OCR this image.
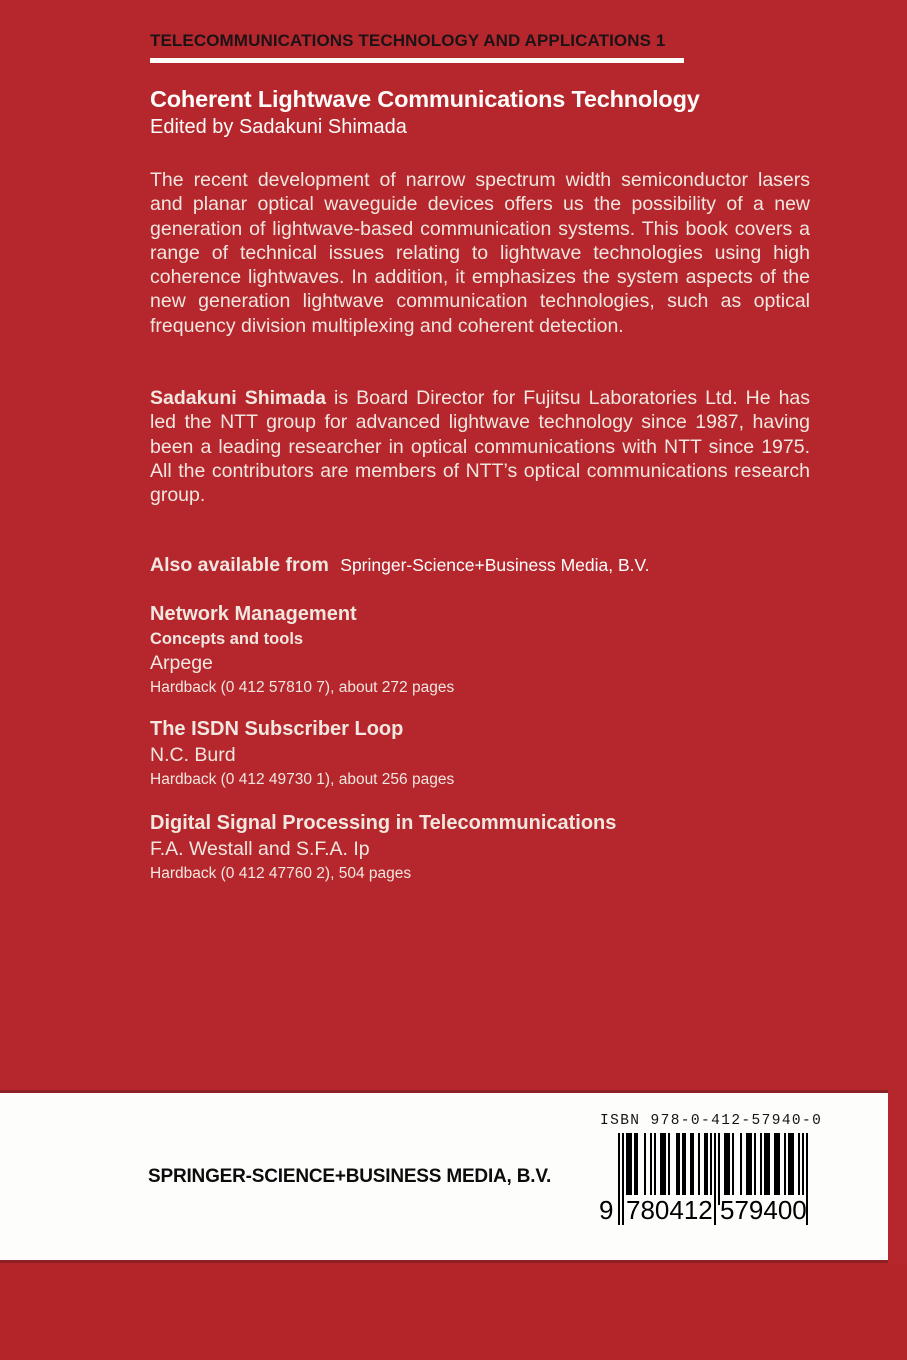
TELECOMMUNICATIONS TECHNOLOGY AND APPLICATIONS 1
Coherent Lightwave Communications Technology
Edited by Sadakuni Shimada

The recent development of narrow spectrum width semiconductor lasers and planar optical waveguide devices offers us the possibility of a new generation of lightwave-based communication systems. This book covers a range of technical issues relating to lightwave technologies using high coherence lightwaves. In addition, it emphasizes the system aspects of the new generation lightwave communication technologies, such as optical frequency division multiplexing and coherent detection.

Sadakuni Shimada is Board Director for Fujitsu Laboratories Ltd. He has led the NTT group for advanced lightwave technology since 1987, having been a leading researcher in optical communications with NTT since 1975. All the contributors are members of NTT’s optical communications research group.

Also available from Springer-Science+Business Media, B.V.
Network Management
Concepts and tools
Arpege
Hardback (0 412 57810 7), about 272 pages
The ISDN Subscriber Loop
N.C. Burd
Hardback (0 412 49730 1), about 256 pages
Digital Signal Processing in Telecommunications
F.A. Westall and S.F.A. Ip
Hardback (0 412 47760 2), 504 pages
SPRINGER-SCIENCE+BUSINESS MEDIA, B.V.
ISBN 978-0-412-57940-0
9 780412 579400
